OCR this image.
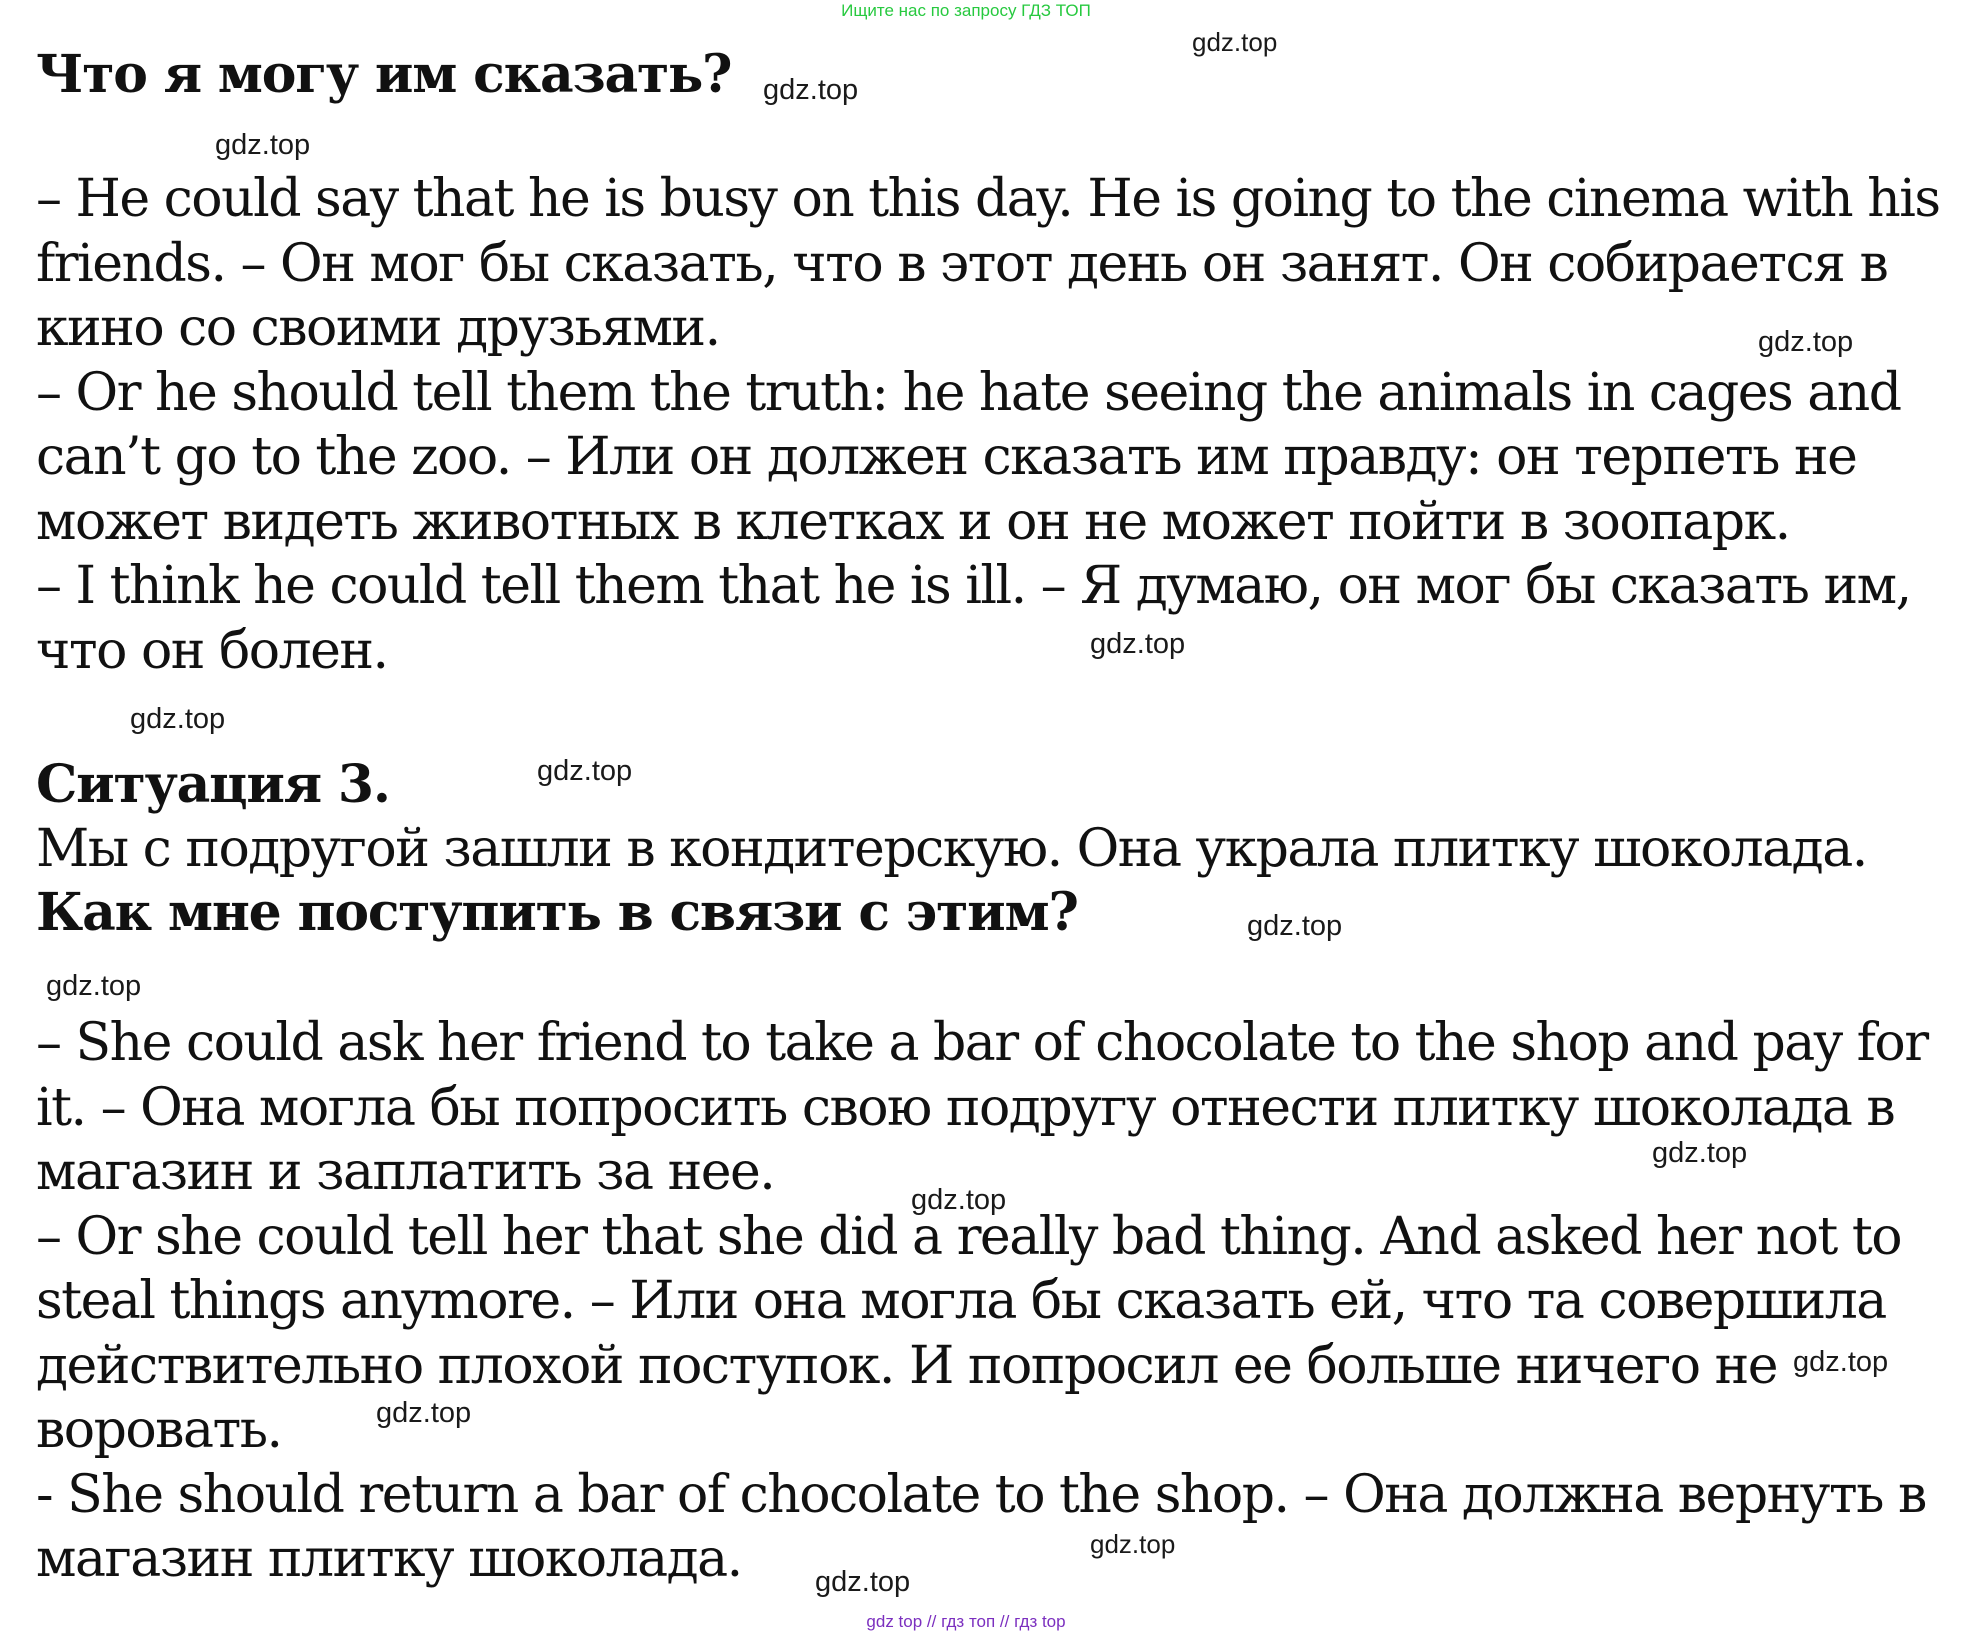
Ищите нас по запросу ГДЗ ТОП
Что я могу им сказать?
– He could say that he is busy on this day. He is going to the cinema with his
friends. – Он мог бы сказать, что в этот день он занят. Он собирается в
кино со своими друзьями.
– Or he should tell them the truth: he hate seeing the animals in cages and
can’t go to the zoo. – Или он должен сказать им правду: он терпеть не
может видеть животных в клетках и он не может пойти в зоопарк.
– I think he could tell them that he is ill. – Я думаю, он мог бы сказать им,
что он болен.
Ситуация 3.
Мы с подругой зашли в кондитерскую. Она украла плитку шоколада.
Как мне поступить в связи с этим?
– She could ask her friend to take a bar of chocolate to the shop and pay for
it. – Она могла бы попросить свою подругу отнести плитку шоколада в
магазин и заплатить за нее.
– Or she could tell her that she did a really bad thing. And asked her not to
steal things anymore. – Или она могла бы сказать ей, что та совершила
действительно плохой поступок. И попросил ее больше ничего не
воровать.
- She should return a bar of chocolate to the shop. – Она должна вернуть в
магазин плитку шоколада.
gdz.top
gdz.top
gdz.top
gdz.top
gdz.top
gdz.top
gdz.top
gdz.top
gdz.top
gdz.top
gdz.top
gdz.top
gdz.top
gdz.top
gdz.top
gdz top // гдз топ // гдз top
